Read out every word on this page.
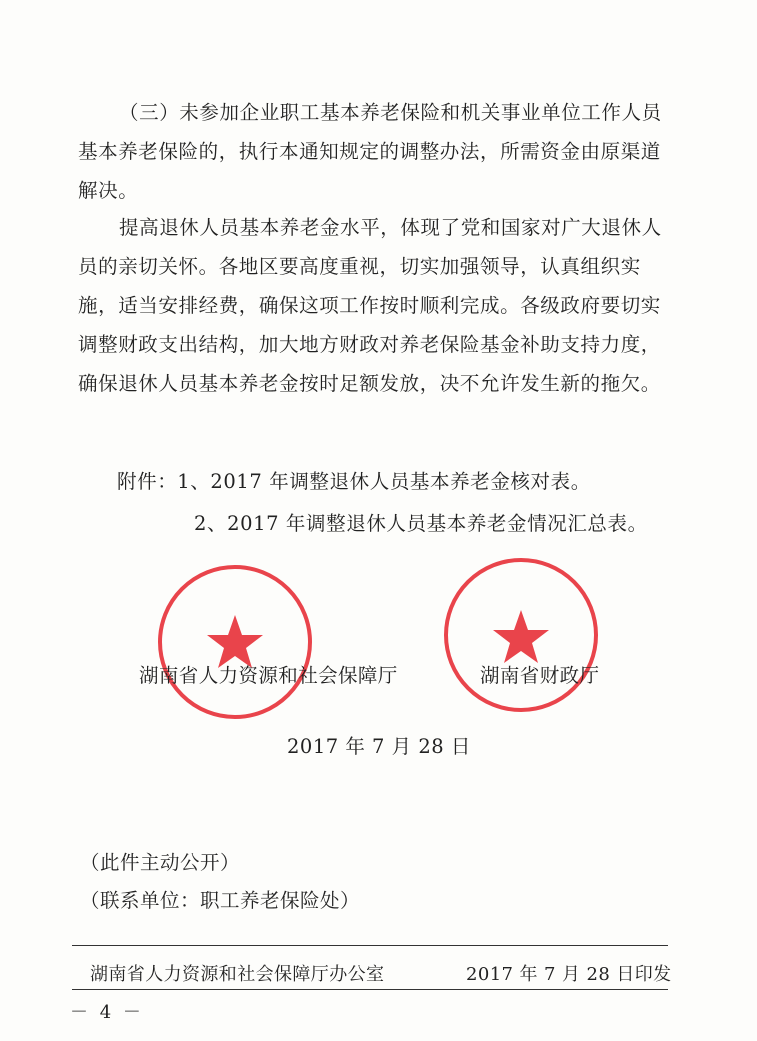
（三）未参加企业职工基本养老保险和机关事业单位工作人员基本养老保险的，执行本通知规定的调整办法，所需资金由原渠道解决。

提高退休人员基本养老金水平，体现了党和国家对广大退休人员的亲切关怀。各地区要高度重视，切实加强领导，认真组织实施，适当安排经费，确保这项工作按时顺利完成。各级政府要切实调整财政支出结构，加大地方财政对养老保险基金补助支持力度，确保退休人员基本养老金按时足额发放，决不允许发生新的拖欠。

附件：1、2017 年调整退休人员基本养老金核对表。
2、2017 年调整退休人员基本养老金情况汇总表。
湖南省人力资源和社会保障厅	湖南省财政厅
2017 年 7 月 28 日
（此件主动公开）
（联系单位：职工养老保险处）
湖南省人力资源和社会保障厅办公室	2017 年 7 月 28 日印发
－ 4 －
